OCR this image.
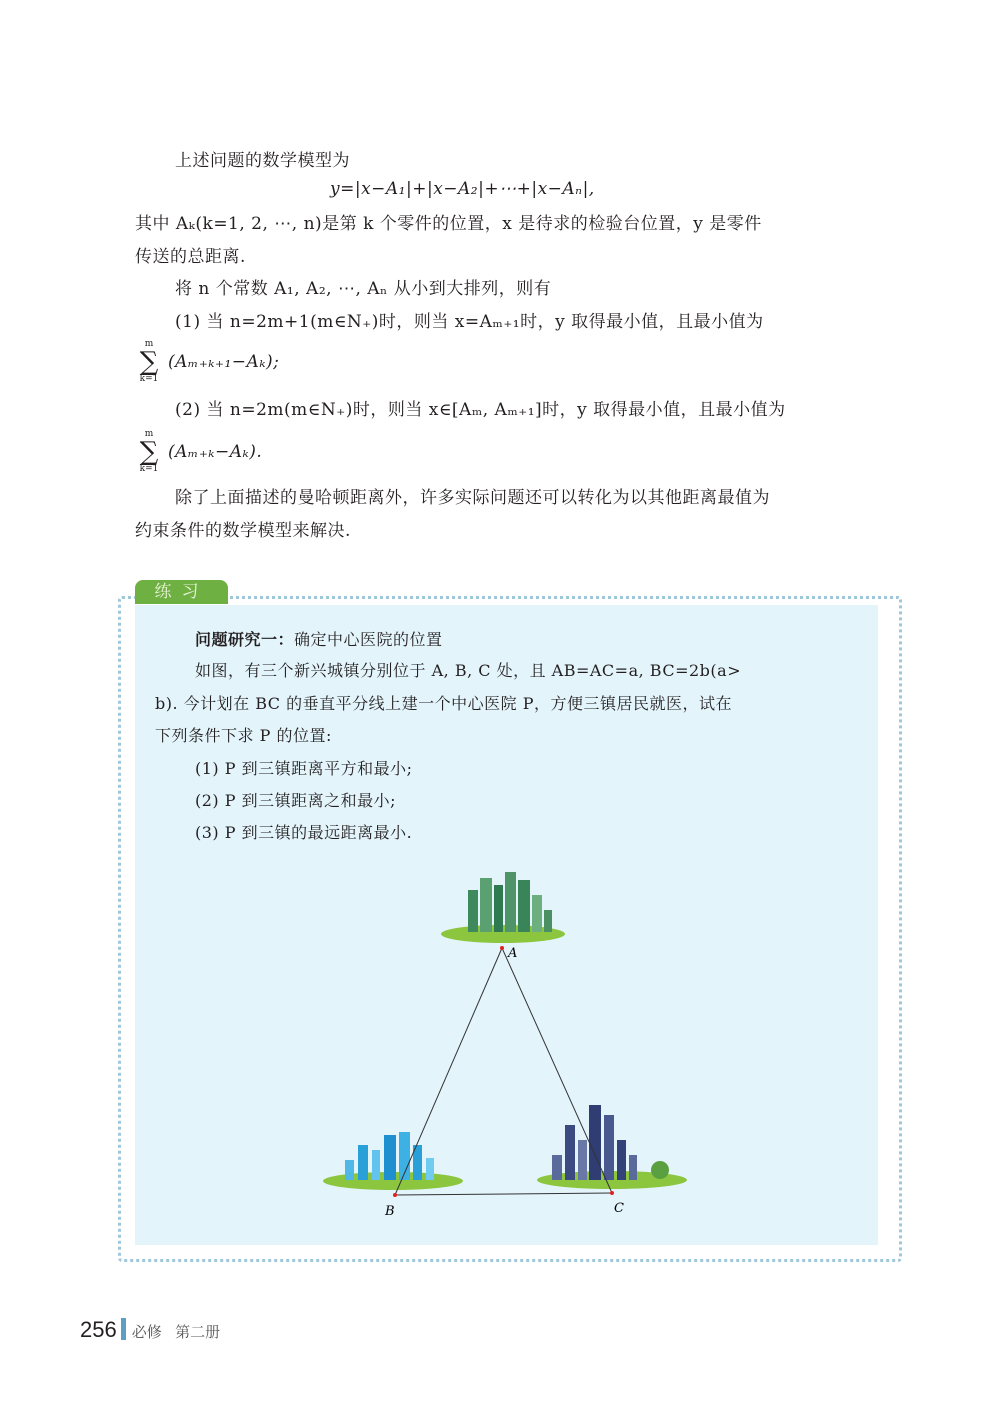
上述问题的数学模型为
y=|x−A₁|+|x−A₂|+⋯+|x−Aₙ|,
其中 Aₖ(k=1, 2, ⋯, n)是第 k 个零件的位置，x 是待求的检验台位置，y 是零件
传送的总距离.
将 n 个常数 A₁, A₂, ⋯, Aₙ 从小到大排列，则有
(1) 当 n=2m+1(m∈N₊)时，则当 x=Aₘ₊₁时，y 取得最小值，且最小值为
m
∑
k=1
(Aₘ₊ₖ₊₁−Aₖ);
(2) 当 n=2m(m∈N₊)时，则当 x∈[Aₘ, Aₘ₊₁]时，y 取得最小值，且最小值为
m
∑
k=1
(Aₘ₊ₖ−Aₖ).
除了上面描述的曼哈顿距离外，许多实际问题还可以转化为以其他距离最值为
约束条件的数学模型来解决.
练习
问题研究一：确定中心医院的位置
如图，有三个新兴城镇分别位于 A, B, C 处，且 AB=AC=a, BC=2b(a>
b). 今计划在 BC 的垂直平分线上建一个中心医院 P，方便三镇居民就医，试在
下列条件下求 P 的位置:
(1) P 到三镇距离平方和最小;
(2) P 到三镇距离之和最小;
(3) P 到三镇的最远距离最小.
A
B	C
256 必修 第二册
